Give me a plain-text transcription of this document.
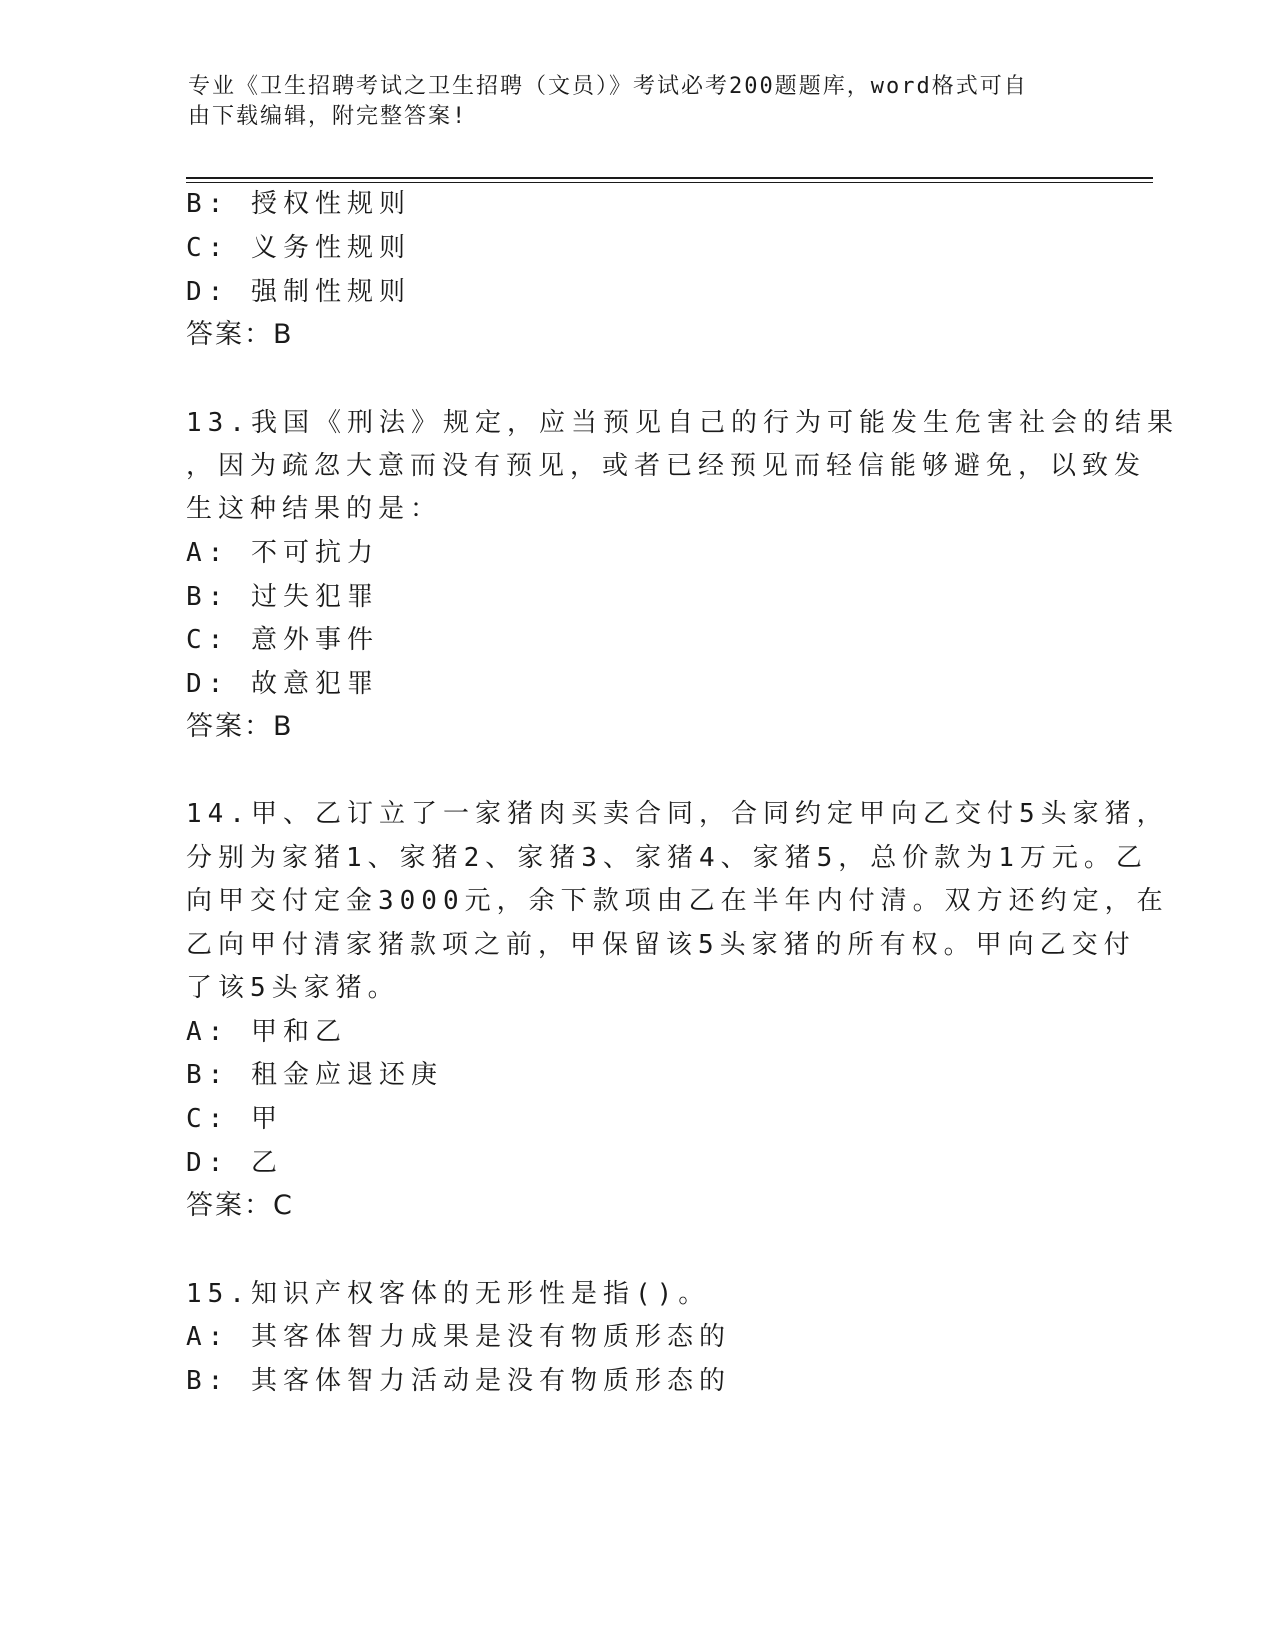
专业《卫生招聘考试之卫生招聘（文员）》考试必考200题题库，word格式可自
由下载编辑，附完整答案!

B: 授权性规则

C: 义务性规则

D: 强制性规则

答案：B

13.我国《刑法》规定，应当预见自己的行为可能发生危害社会的结果

，因为疏忽大意而没有预见，或者已经预见而轻信能够避免，以致发

生这种结果的是：

A: 不可抗力

B: 过失犯罪

C: 意外事件

D: 故意犯罪

答案：B

14.甲、乙订立了一家猪肉买卖合同，合同约定甲向乙交付5头家猪，

分别为家猪1、家猪2、家猪3、家猪4、家猪5，总价款为1万元。乙

向甲交付定金3000元，余下款项由乙在半年内付清。双方还约定，在

乙向甲付清家猪款项之前，甲保留该5头家猪的所有权。甲向乙交付

了该5头家猪。

A: 甲和乙

B: 租金应退还庚

C: 甲

D: 乙

答案：C

15.知识产权客体的无形性是指()。

A: 其客体智力成果是没有物质形态的

B: 其客体智力活动是没有物质形态的
